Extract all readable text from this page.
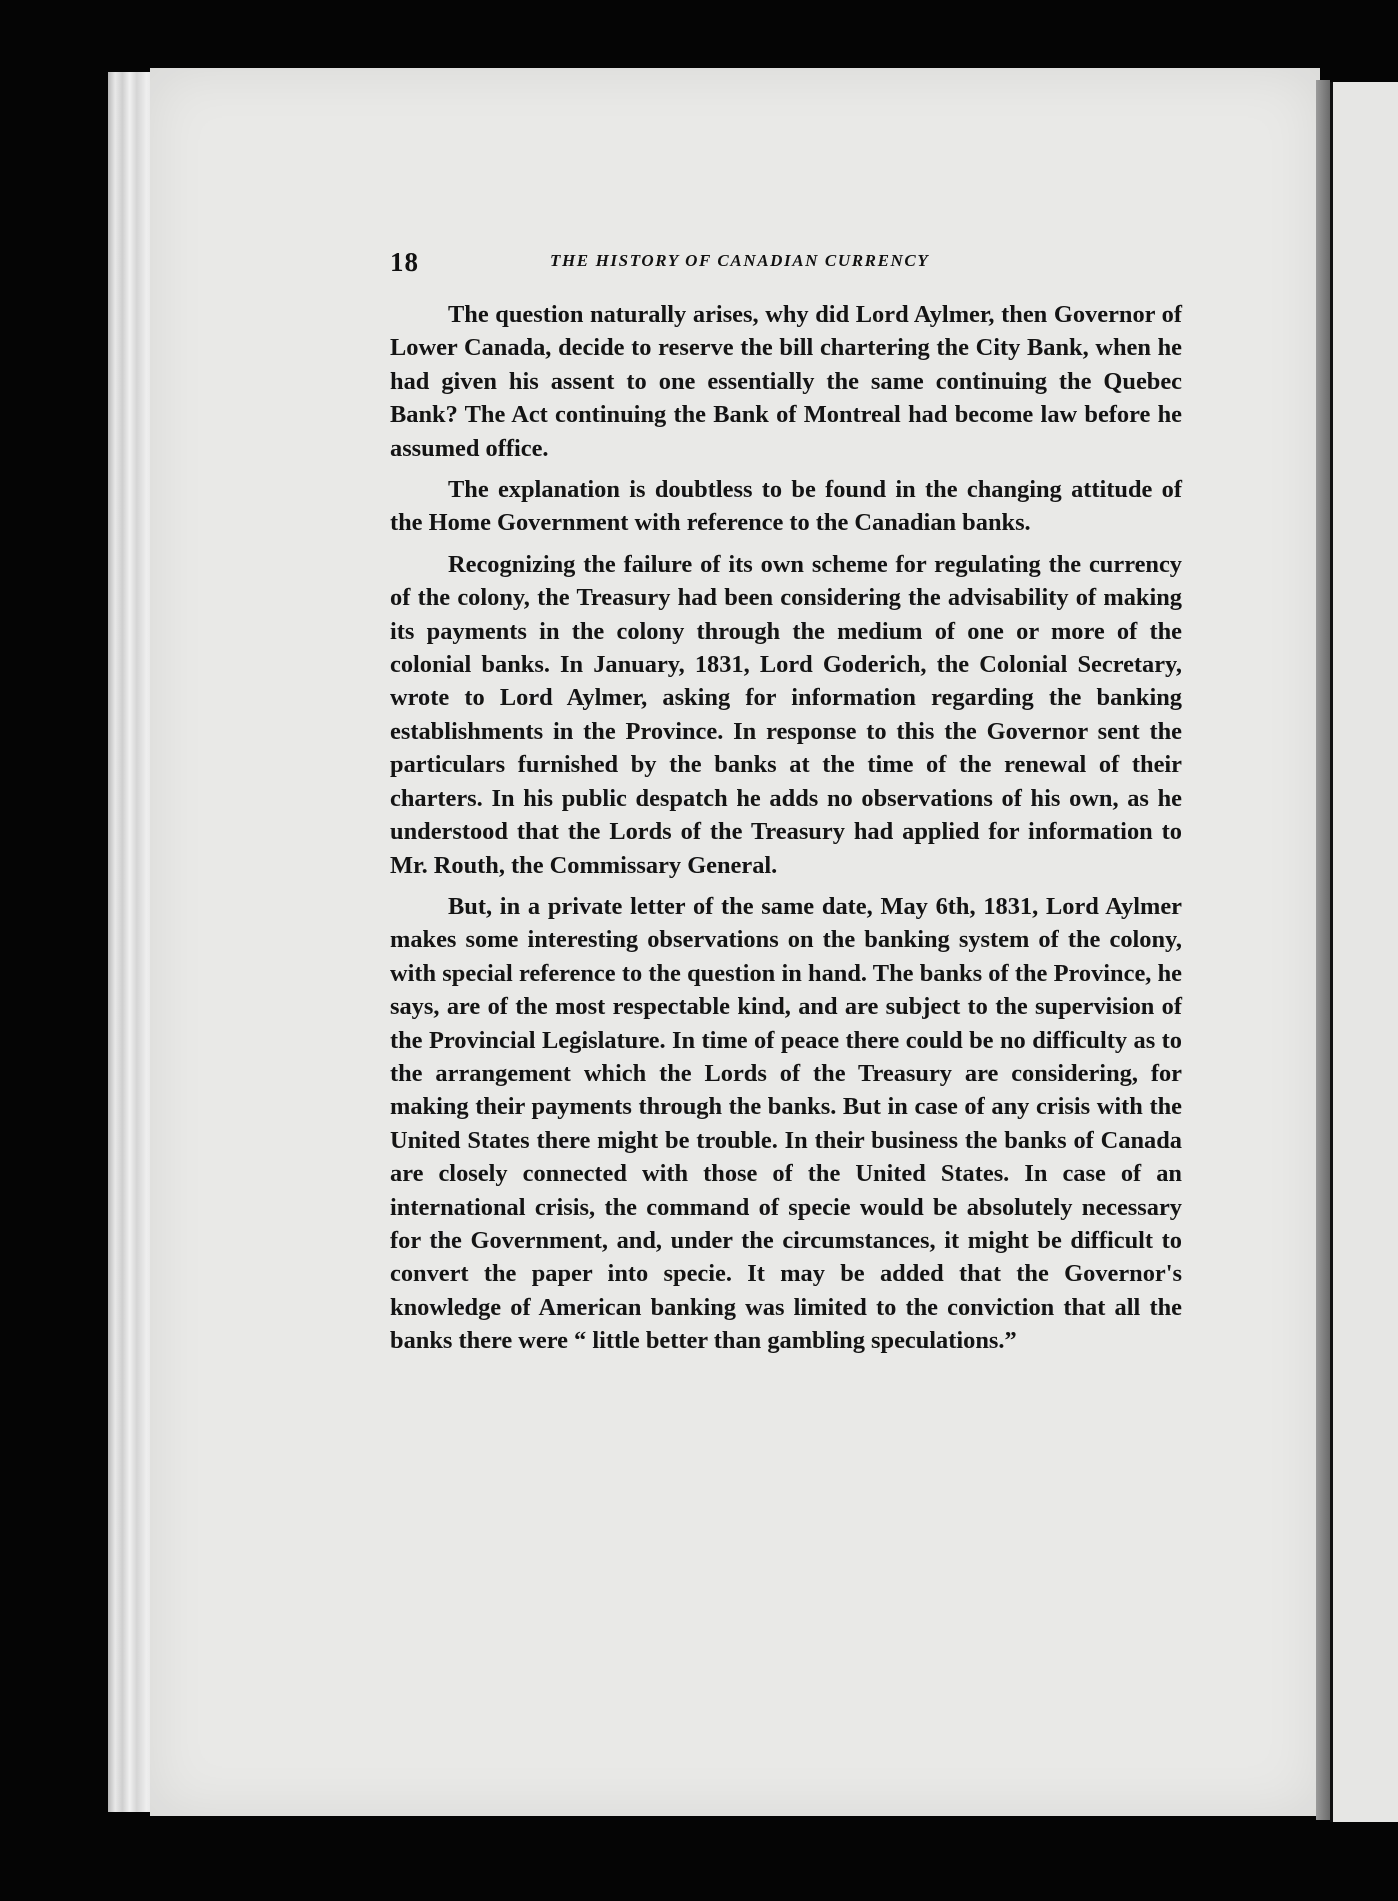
18	THE HISTORY OF CANADIAN CURRENCY

The question naturally arises, why did Lord Aylmer, then Governor of Lower Canada, decide to reserve the bill chartering the City Bank, when he had given his assent to one essentially the same continuing the Quebec Bank? The Act continuing the Bank of Montreal had become law before he assumed office.

The explanation is doubtless to be found in the changing attitude of the Home Government with reference to the Canadian banks.

Recognizing the failure of its own scheme for regulating the currency of the colony, the Treasury had been considering the advisability of making its payments in the colony through the medium of one or more of the colonial banks. In January, 1831, Lord Goderich, the Colonial Secretary, wrote to Lord Aylmer, asking for information regarding the banking establishments in the Province. In response to this the Governor sent the particulars furnished by the banks at the time of the renewal of their charters. In his public despatch he adds no observations of his own, as he understood that the Lords of the Treasury had applied for information to Mr. Routh, the Commissary General.

But, in a private letter of the same date, May 6th, 1831, Lord Aylmer makes some interesting observations on the banking system of the colony, with special reference to the question in hand. The banks of the Province, he says, are of the most respectable kind, and are subject to the supervision of the Provincial Legislature. In time of peace there could be no difficulty as to the arrangement which the Lords of the Treasury are considering, for making their payments through the banks. But in case of any crisis with the United States there might be trouble. In their business the banks of Canada are closely connected with those of the United States. In case of an international crisis, the command of specie would be absolutely necessary for the Government, and, under the circumstances, it might be difficult to convert the paper into specie. It may be added that the Governor's knowledge of American banking was limited to the conviction that all the banks there were “ little better than gambling speculations.”
